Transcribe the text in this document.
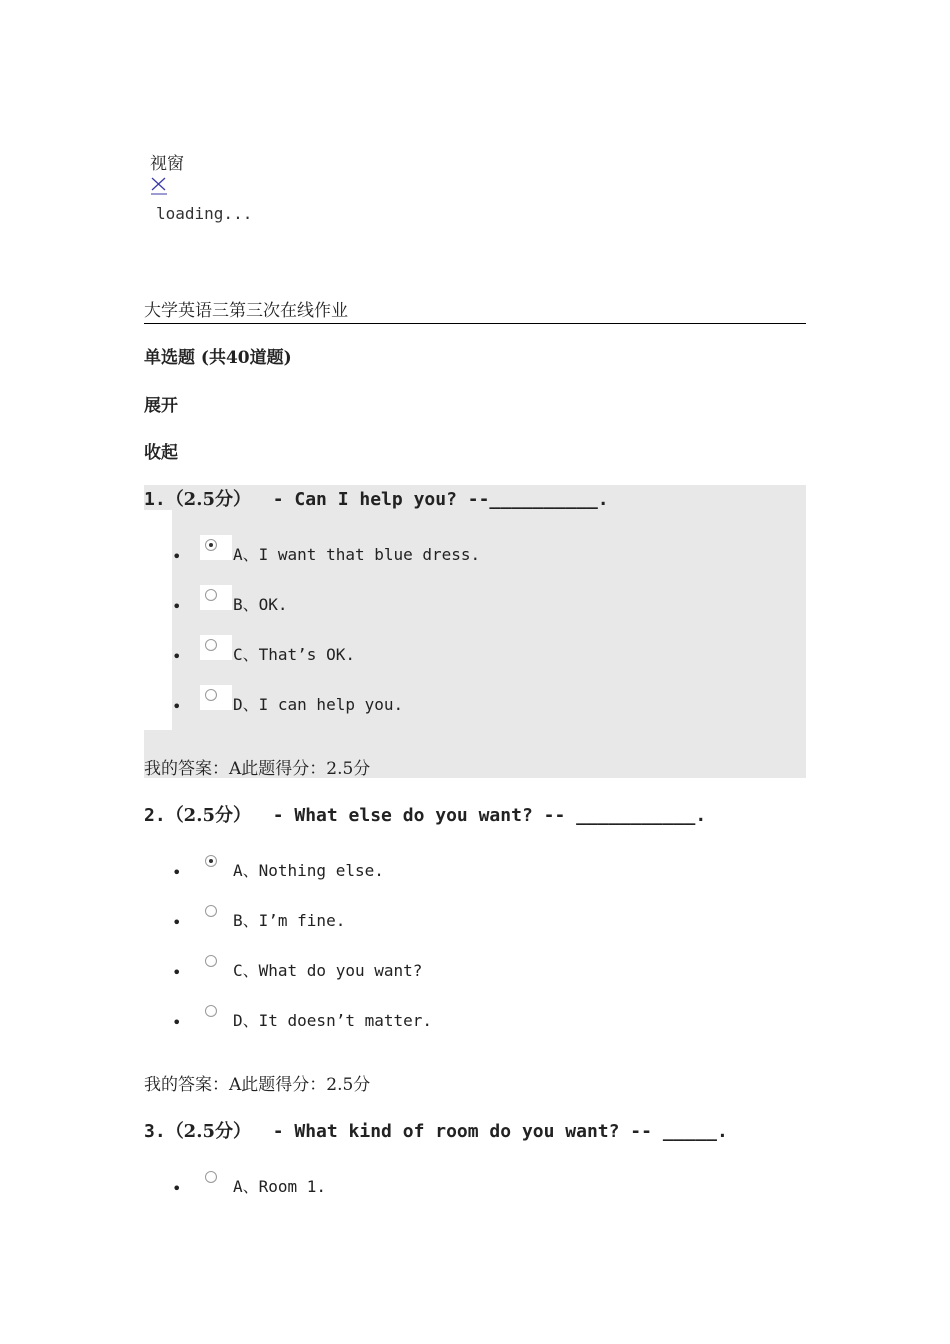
视窗
loading...
大学英语三第三次在线作业
单选题 (共40道题)
展开
收起
1.（2.5分）  - Can I help you? --__________.
•	A、I want that blue dress.
•	B、OK.
•	C、That’s OK.
•	D、I can help you.
我的答案：A此题得分：2.5分
2.（2.5分）  - What else do you want? -- ___________.
•	A、Nothing else.
•	B、I’m fine.
•	C、What do you want?
•	D、It doesn’t matter.
我的答案：A此题得分：2.5分
3.（2.5分）  - What kind of room do you want? -- _____.
•	A、Room 1.
